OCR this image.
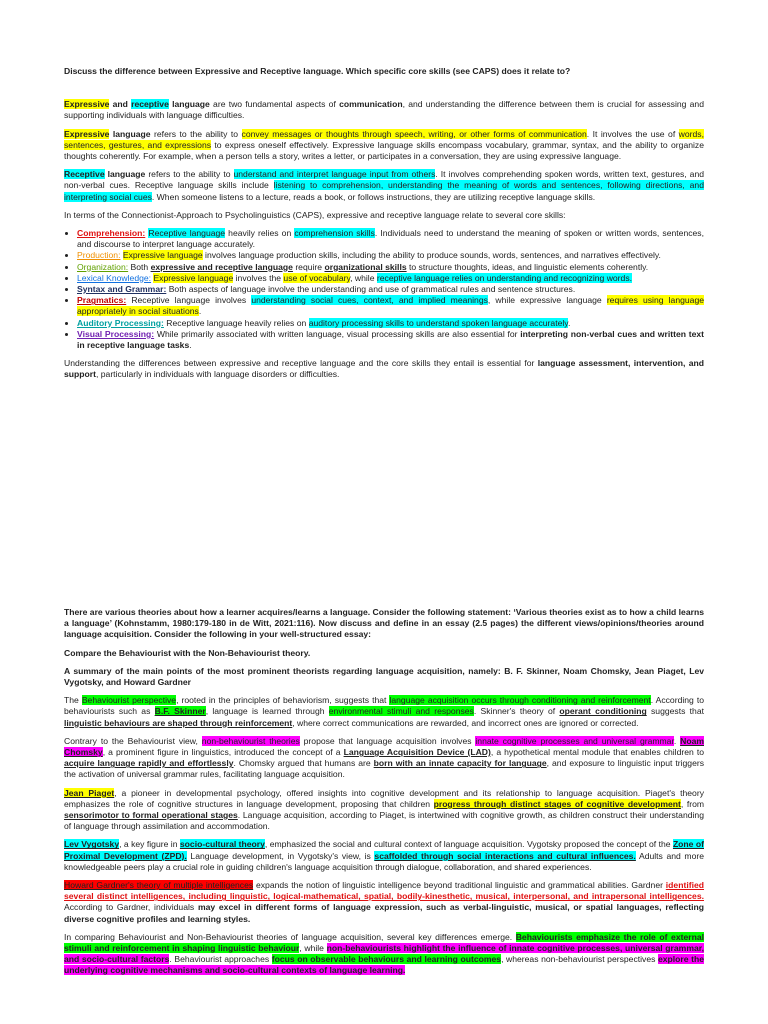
Discuss the difference between Expressive and Receptive language. Which specific core skills (see CAPS) does it relate to?

Expressive and receptive language are two fundamental aspects of communication, and understanding the difference between them is crucial for assessing and supporting individuals with language difficulties.

Expressive language refers to the ability to convey messages or thoughts through speech, writing, or other forms of communication. It involves the use of words, sentences, gestures, and expressions to express oneself effectively. Expressive language skills encompass vocabulary, grammar, syntax, and the ability to organize thoughts coherently. For example, when a person tells a story, writes a letter, or participates in a conversation, they are using expressive language.

Receptive language refers to the ability to understand and interpret language input from others. It involves comprehending spoken words, written text, gestures, and non-verbal cues. Receptive language skills include listening to comprehension, understanding the meaning of words and sentences, following directions, and interpreting social cues. When someone listens to a lecture, reads a book, or follows instructions, they are utilizing receptive language skills.

In terms of the Connectionist-Approach to Psycholinguistics (CAPS), expressive and receptive language relate to several core skills:

• Comprehension: Receptive language heavily relies on comprehension skills. Individuals need to understand the meaning of spoken or written words, sentences, and discourse to interpret language accurately.
• Production: Expressive language involves language production skills, including the ability to produce sounds, words, sentences, and narratives effectively.
• Organization: Both expressive and receptive language require organizational skills to structure thoughts, ideas, and linguistic elements coherently.
• Lexical Knowledge: Expressive language involves the use of vocabulary, while receptive language relies on understanding and recognizing words.
• Syntax and Grammar: Both aspects of language involve the understanding and use of grammatical rules and sentence structures.
• Pragmatics: Receptive language involves understanding social cues, context, and implied meanings, while expressive language requires using language appropriately in social situations.
• Auditory Processing: Receptive language heavily relies on auditory processing skills to understand spoken language accurately.
• Visual Processing: While primarily associated with written language, visual processing skills are also essential for interpreting non-verbal cues and written text in receptive language tasks.

Understanding the differences between expressive and receptive language and the core skills they entail is essential for language assessment, intervention, and support, particularly in individuals with language disorders or difficulties.

There are various theories about how a learner acquires/learns a language. Consider the following statement: ‘Various theories exist as to how a child learns a language’ (Kohnstamm, 1980:179-180 in de Witt, 2021:116). Now discuss and define in an essay (2.5 pages) the different views/opinions/theories around language acquisition. Consider the following in your well-structured essay:

Compare the Behaviourist with the Non-Behaviourist theory.

A summary of the main points of the most prominent theorists regarding language acquisition, namely: B. F. Skinner, Noam Chomsky, Jean Piaget, Lev Vygotsky, and Howard Gardner

The Behaviourist perspective, rooted in the principles of behaviorism, suggests that language acquisition occurs through conditioning and reinforcement. According to behaviourists such as B.F. Skinner, language is learned through environmental stimuli and responses. Skinner's theory of operant conditioning suggests that linguistic behaviours are shaped through reinforcement, where correct communications are rewarded, and incorrect ones are ignored or corrected.

Contrary to the Behaviourist view, non-behaviourist theories propose that language acquisition involves innate cognitive processes and universal grammar. Noam Chomsky, a prominent figure in linguistics, introduced the concept of a Language Acquisition Device (LAD), a hypothetical mental module that enables children to acquire language rapidly and effortlessly. Chomsky argued that humans are born with an innate capacity for language, and exposure to linguistic input triggers the activation of universal grammar rules, facilitating language acquisition.

Jean Piaget, a pioneer in developmental psychology, offered insights into cognitive development and its relationship to language acquisition. Piaget's theory emphasizes the role of cognitive structures in language development, proposing that children progress through distinct stages of cognitive development, from sensorimotor to formal operational stages. Language acquisition, according to Piaget, is intertwined with cognitive growth, as children construct their understanding of language through assimilation and accommodation.

Lev Vygotsky, a key figure in socio-cultural theory, emphasized the social and cultural context of language acquisition. Vygotsky proposed the concept of the Zone of Proximal Development (ZPD). Language development, in Vygotsky's view, is scaffolded through social interactions and cultural influences. Adults and more knowledgeable peers play a crucial role in guiding children's language acquisition through dialogue, collaboration, and shared experiences.

Howard Gardner's theory of multiple intelligences expands the notion of linguistic intelligence beyond traditional linguistic and grammatical abilities. Gardner identified several distinct intelligences, including linguistic, logical-mathematical, spatial, bodily-kinesthetic, musical, interpersonal, and intrapersonal intelligences. According to Gardner, individuals may excel in different forms of language expression, such as verbal-linguistic, musical, or spatial languages, reflecting diverse cognitive profiles and learning styles.

In comparing Behaviourist and Non-Behaviourist theories of language acquisition, several key differences emerge. Behaviourists emphasize the role of external stimuli and reinforcement in shaping linguistic behaviour, while non-behaviourists highlight the influence of innate cognitive processes, universal grammar, and socio-cultural factors. Behaviourist approaches focus on observable behaviours and learning outcomes, whereas non-behaviourist perspectives explore the underlying cognitive mechanisms and socio-cultural contexts of language learning.
